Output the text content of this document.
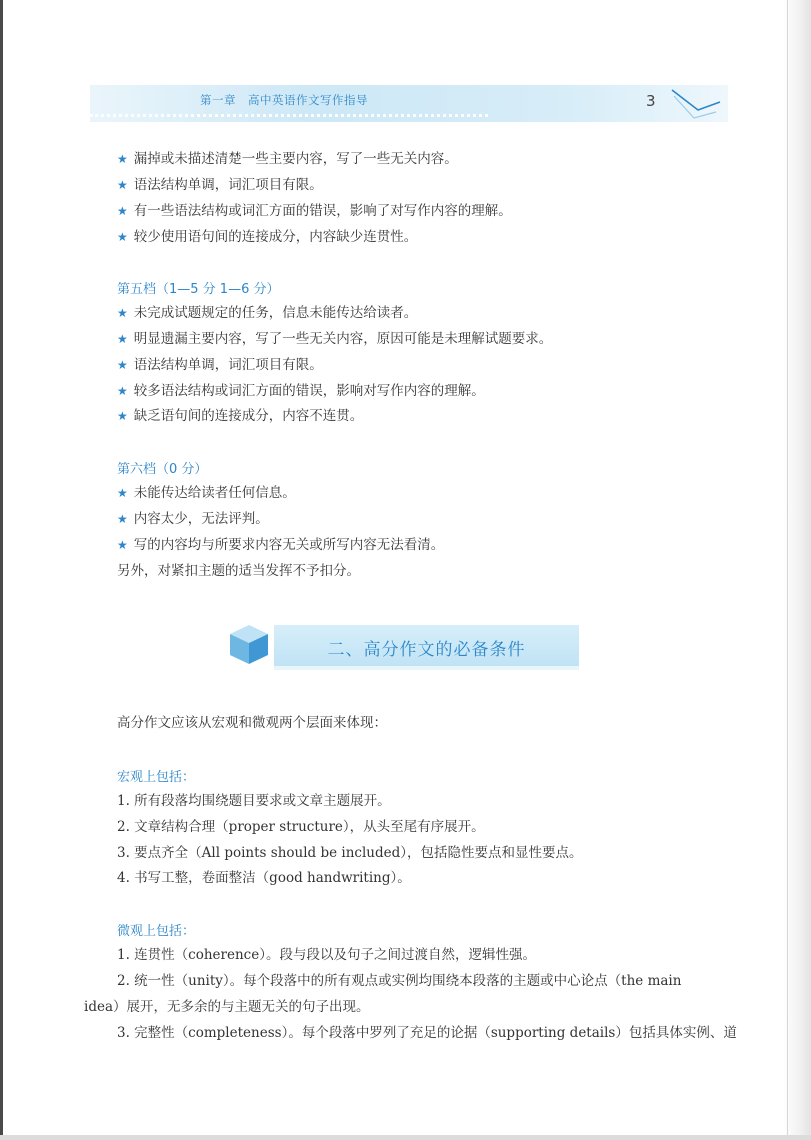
第一章　高中英语作文写作指导	3
★ 漏掉或未描述清楚一些主要内容，写了一些无关内容。
★ 语法结构单调，词汇项目有限。
★ 有一些语法结构或词汇方面的错误，影响了对写作内容的理解。
★ 较少使用语句间的连接成分，内容缺少连贯性。
第五档（1—5 分 1—6 分）
★ 未完成试题规定的任务，信息未能传达给读者。
★ 明显遗漏主要内容，写了一些无关内容，原因可能是未理解试题要求。
★ 语法结构单调，词汇项目有限。
★ 较多语法结构或词汇方面的错误，影响对写作内容的理解。
★ 缺乏语句间的连接成分，内容不连贯。
第六档（0 分）
★ 未能传达给读者任何信息。
★ 内容太少，无法评判。
★ 写的内容均与所要求内容无关或所写内容无法看清。
另外，对紧扣主题的适当发挥不予扣分。
二、高分作文的必备条件
高分作文应该从宏观和微观两个层面来体现：
宏观上包括：
1. 所有段落均围绕题目要求或文章主题展开。
2. 文章结构合理（proper structure），从头至尾有序展开。
3. 要点齐全（All points should be included），包括隐性要点和显性要点。
4. 书写工整，卷面整洁（good handwriting）。
微观上包括：
1. 连贯性（coherence）。段与段以及句子之间过渡自然，逻辑性强。
2. 统一性（unity）。每个段落中的所有观点或实例均围绕本段落的主题或中心论点（the main
idea）展开，无多余的与主题无关的句子出现。
3. 完整性（completeness）。每个段落中罗列了充足的论据（supporting details）包括具体实例、道
